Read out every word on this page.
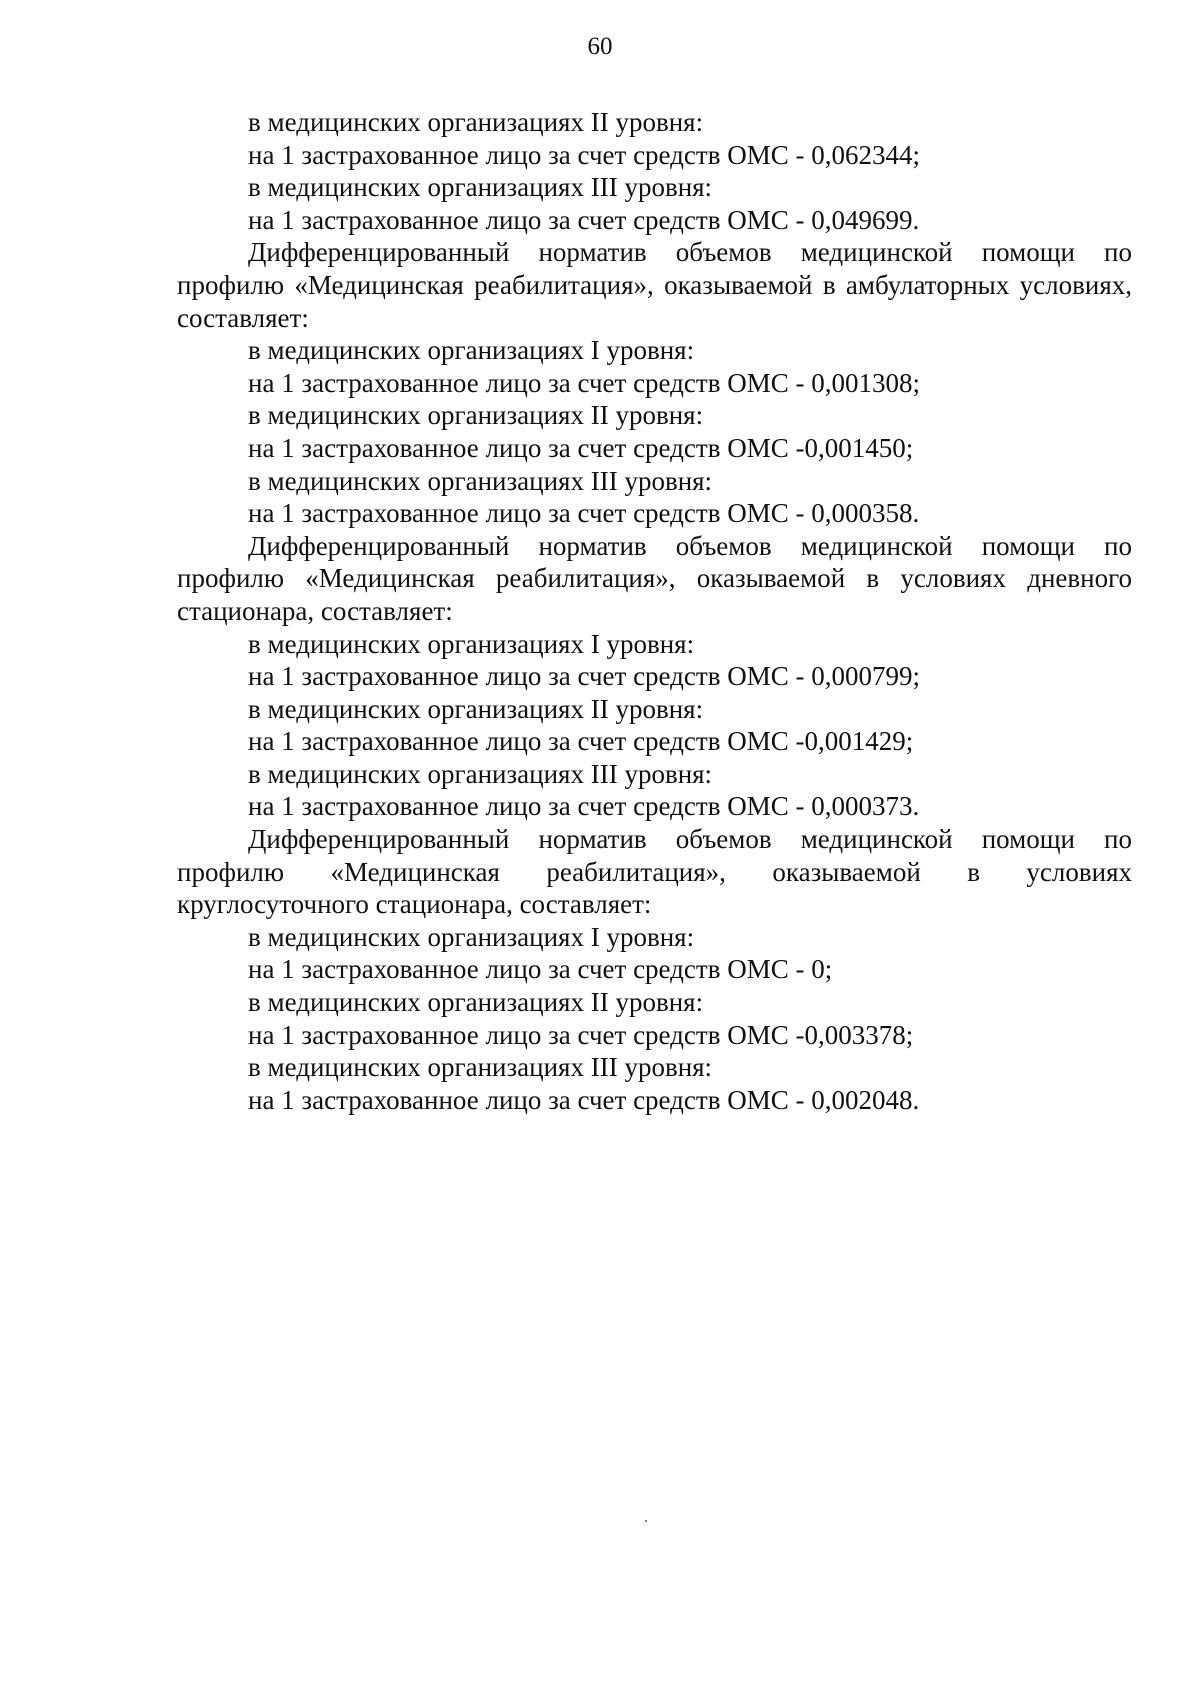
60
в медицинских организациях II уровня:
на 1 застрахованное лицо за счет средств ОМС - 0,062344;
в медицинских организациях III уровня:
на 1 застрахованное лицо за счет средств ОМС - 0,049699.
Дифференцированный норматив объемов медицинской помощи по профилю «Медицинская реабилитация», оказываемой в амбулаторных условиях, составляет:
в медицинских организациях I уровня:
на 1 застрахованное лицо за счет средств ОМС - 0,001308;
в медицинских организациях II уровня:
на 1 застрахованное лицо за счет средств ОМС -0,001450;
в медицинских организациях III уровня:
на 1 застрахованное лицо за счет средств ОМС - 0,000358.
Дифференцированный норматив объемов медицинской помощи по профилю «Медицинская реабилитация», оказываемой в условиях дневного стационара, составляет:
в медицинских организациях I уровня:
на 1 застрахованное лицо за счет средств ОМС - 0,000799;
в медицинских организациях II уровня:
на 1 застрахованное лицо за счет средств ОМС -0,001429;
в медицинских организациях III уровня:
на 1 застрахованное лицо за счет средств ОМС - 0,000373.
Дифференцированный норматив объемов медицинской помощи по профилю «Медицинская реабилитация», оказываемой в условиях круглосуточного стационара, составляет:
в медицинских организациях I уровня:
на 1 застрахованное лицо за счет средств ОМС - 0;
в медицинских организациях II уровня:
на 1 застрахованное лицо за счет средств ОМС -0,003378;
в медицинских организациях III уровня:
на 1 застрахованное лицо за счет средств ОМС - 0,002048.
